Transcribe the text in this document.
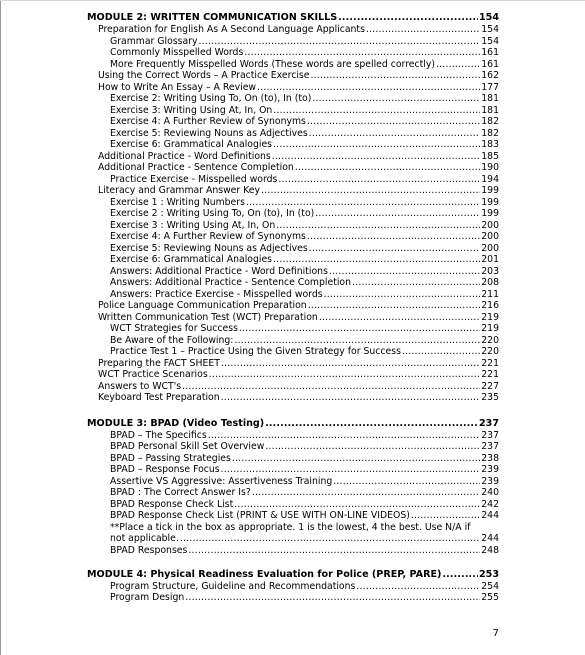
MODULE 2: WRITTEN COMMUNICATION SKILLS .....	154
Preparation for English As A Second Language Applicants .....	154
Grammar Glossary .....	154
Commonly Misspelled Words .....	161
More Frequently Misspelled Words (These words are spelled correctly) .....	161
Using the Correct Words – A Practice Exercise .....	162
How to Write An Essay – A Review .....	177
Exercise 2: Writing Using To, On (to), In (to) .....	181
Exercise 3: Writing Using At, In, On .....	181
Exercise 4: A Further Review of Synonyms .....	182
Exercise 5: Reviewing Nouns as Adjectives .....	182
Exercise 6: Grammatical Analogies .....	183
Additional Practice - Word Definitions .....	185
Additional Practice - Sentence Completion .....	190
Practice Exercise - Misspelled words .....	194
Literacy and Grammar Answer Key .....	199
Exercise 1 : Writing Numbers .....	199
Exercise 2 : Writing Using To, On (to), In (to) .....	199
Exercise 3 : Writing Using At, In, On .....	200
Exercise 4: A Further Review of Synonyms .....	200
Exercise 5: Reviewing Nouns as Adjectives .....	200
Exercise 6: Grammatical Analogies .....	201
Answers: Additional Practice - Word Definitions .....	203
Answers: Additional Practice - Sentence Completion .....	208
Answers: Practice Exercise - Misspelled words .....	211
Police Language Communication Preparation .....	216
Written Communication Test (WCT) Preparation .....	219
WCT Strategies for Success .....	219
Be Aware of the Following: .....	220
Practice Test 1 – Practice Using the Given Strategy for Success .....	220
Preparing the FACT SHEET .....	221
WCT Practice Scenarios .....	221
Answers to WCT's .....	227
Keyboard Test Preparation .....	235
MODULE 3: BPAD (Video Testing) .....	237
BPAD – The Specifics .....	237
BPAD Personal Skill Set Overview .....	237
BPAD – Passing Strategies .....	238
BPAD – Response Focus .....	239
Assertive VS Aggressive: Assertiveness Training .....	239
BPAD : The Correct Answer Is? .....	240
BPAD Response Check List .....	242
BPAD Response Check List (PRINT & USE WITH ON-LINE VIDEOS) .....	244
**Place a tick in the box as appropriate. 1 is the lowest, 4 the best. Use N/A if
not applicable. .....	244
BPAD Responses .....	248
MODULE 4: Physical Readiness Evaluation for Police (PREP, PARE) .....	253
Program Structure, Guideline and Recommendations .....	254
Program Design .....	255
7
